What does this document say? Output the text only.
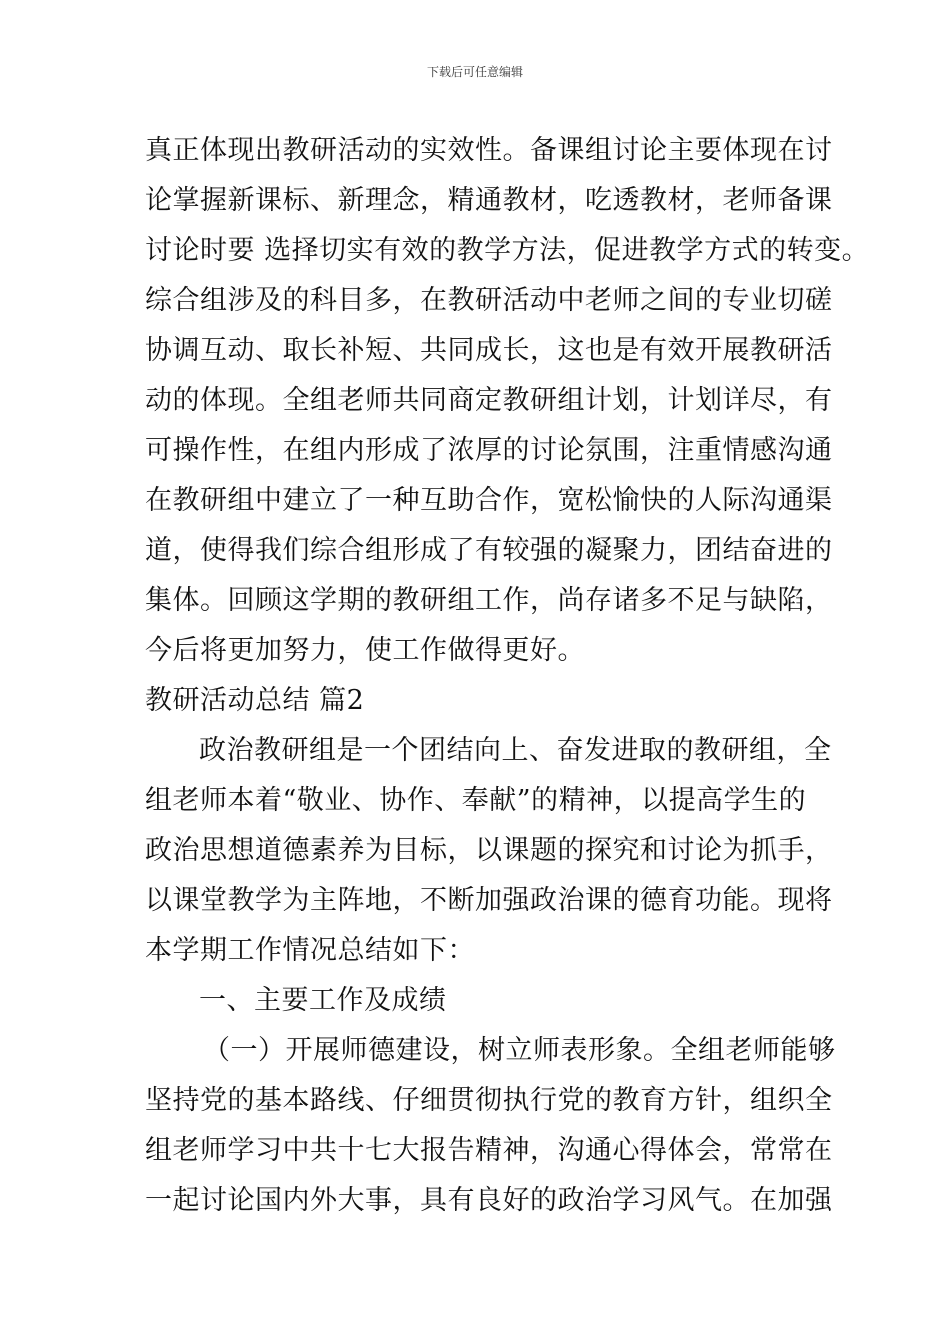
下载后可任意编辑
真正体现出教研活动的实效性。备课组讨论主要体现在讨
论掌握新课标、新理念，精通教材，吃透教材，老师备课
讨论时要 选择切实有效的教学方法，促进教学方式的转变。
综合组涉及的科目多，在教研活动中老师之间的专业切磋
协调互动、取长补短、共同成长，这也是有效开展教研活
动的体现。全组老师共同商定教研组计划，计划详尽，有
可操作性，在组内形成了浓厚的讨论氛围，注重情感沟通
在教研组中建立了一种互助合作，宽松愉快的人际沟通渠
道，使得我们综合组形成了有较强的凝聚力，团结奋进的
集体。回顾这学期的教研组工作，尚存诸多不足与缺陷，
今后将更加努力，使工作做得更好。
教研活动总结 篇2
政治教研组是一个团结向上、奋发进取的教研组，全
组老师本着“敬业、协作、奉献”的精神，以提高学生的
政治思想道德素养为目标，以课题的探究和讨论为抓手，
以课堂教学为主阵地，不断加强政治课的德育功能。现将
本学期工作情况总结如下：
一、主要工作及成绩
（一）开展师德建设，树立师表形象。全组老师能够
坚持党的基本路线、仔细贯彻执行党的教育方针，组织全
组老师学习中共十七大报告精神，沟通心得体会，常常在
一起讨论国内外大事，具有良好的政治学习风气。在加强
